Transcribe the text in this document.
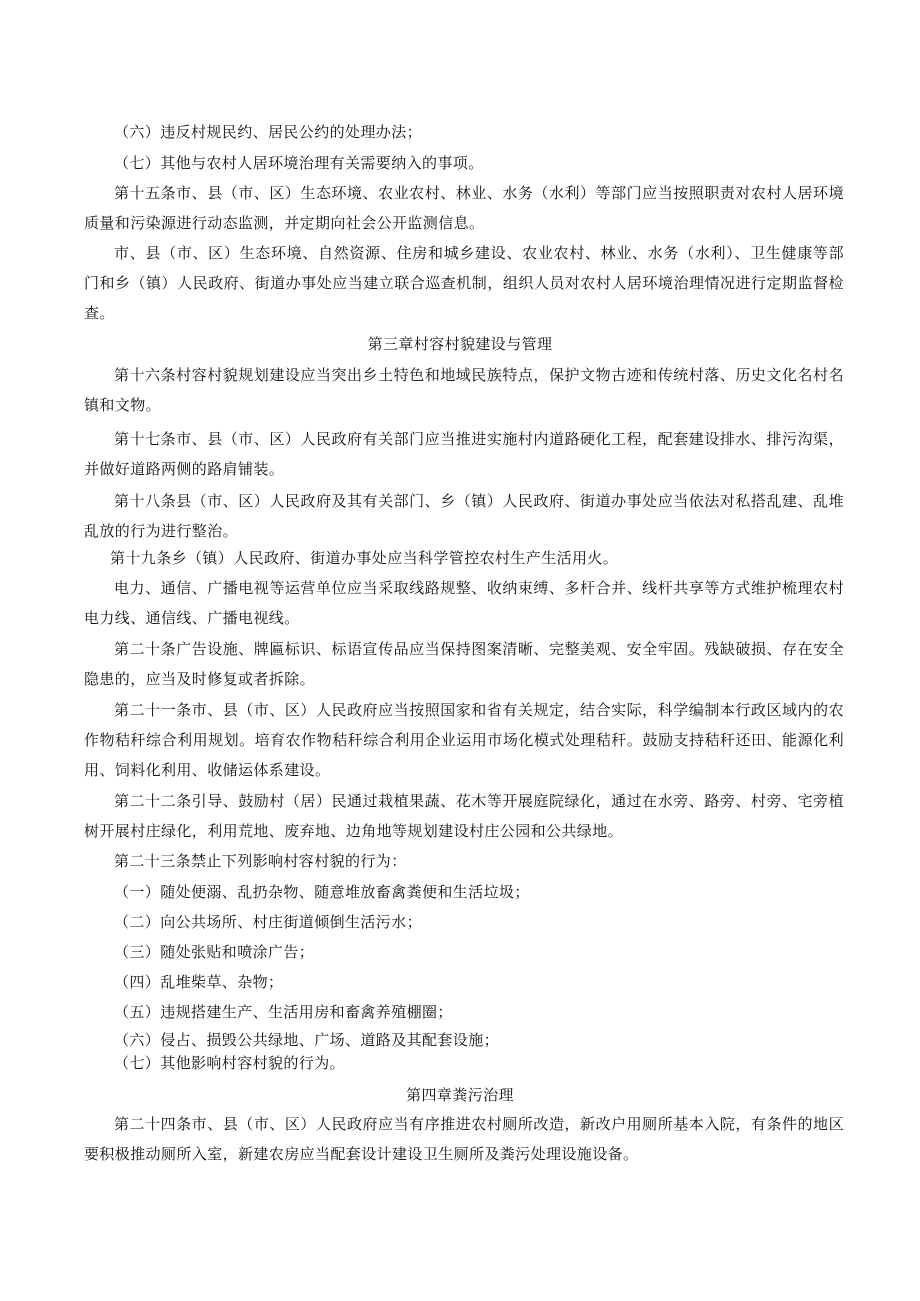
（六）违反村规民约、居民公约的处理办法；

（七）其他与农村人居环境治理有关需要纳入的事项。

第十五条市、县（市、区）生态环境、农业农村、林业、水务（水利）等部门应当按照职责对农村人居环境质量和污染源进行动态监测，并定期向社会公开监测信息。

市、县（市、区）生态环境、自然资源、住房和城乡建设、农业农村、林业、水务（水利）、卫生健康等部门和乡（镇）人民政府、街道办事处应当建立联合巡查机制，组织人员对农村人居环境治理情况进行定期监督检查。

第三章村容村貌建设与管理

第十六条村容村貌规划建设应当突出乡土特色和地域民族特点，保护文物古迹和传统村落、历史文化名村名镇和文物。

第十七条市、县（市、区）人民政府有关部门应当推进实施村内道路硬化工程，配套建设排水、排污沟渠，并做好道路两侧的路肩铺装。

第十八条县（市、区）人民政府及其有关部门、乡（镇）人民政府、街道办事处应当依法对私搭乱建、乱堆乱放的行为进行整治。

第十九条乡（镇）人民政府、街道办事处应当科学管控农村生产生活用火。

电力、通信、广播电视等运营单位应当采取线路规整、收纳束缚、多杆合并、线杆共享等方式维护梳理农村电力线、通信线、广播电视线。

第二十条广告设施、牌匾标识、标语宣传品应当保持图案清晰、完整美观、安全牢固。残缺破损、存在安全隐患的，应当及时修复或者拆除。

第二十一条市、县（市、区）人民政府应当按照国家和省有关规定，结合实际，科学编制本行政区域内的农作物秸秆综合利用规划。培育农作物秸秆综合利用企业运用市场化模式处理秸秆。鼓励支持秸秆还田、能源化利用、饲料化利用、收储运体系建设。

第二十二条引导、鼓励村（居）民通过栽植果蔬、花木等开展庭院绿化，通过在水旁、路旁、村旁、宅旁植树开展村庄绿化，利用荒地、废弃地、边角地等规划建设村庄公园和公共绿地。

第二十三条禁止下列影响村容村貌的行为：

（一）随处便溺、乱扔杂物、随意堆放畜禽粪便和生活垃圾；

（二）向公共场所、村庄街道倾倒生活污水；

（三）随处张贴和喷涂广告；

（四）乱堆柴草、杂物；

（五）违规搭建生产、生活用房和畜禽养殖棚圈；

（六）侵占、损毁公共绿地、广场、道路及其配套设施；

（七）其他影响村容村貌的行为。

第四章粪污治理

第二十四条市、县（市、区）人民政府应当有序推进农村厕所改造，新改户用厕所基本入院，有条件的地区要积极推动厕所入室，新建农房应当配套设计建设卫生厕所及粪污处理设施设备。
